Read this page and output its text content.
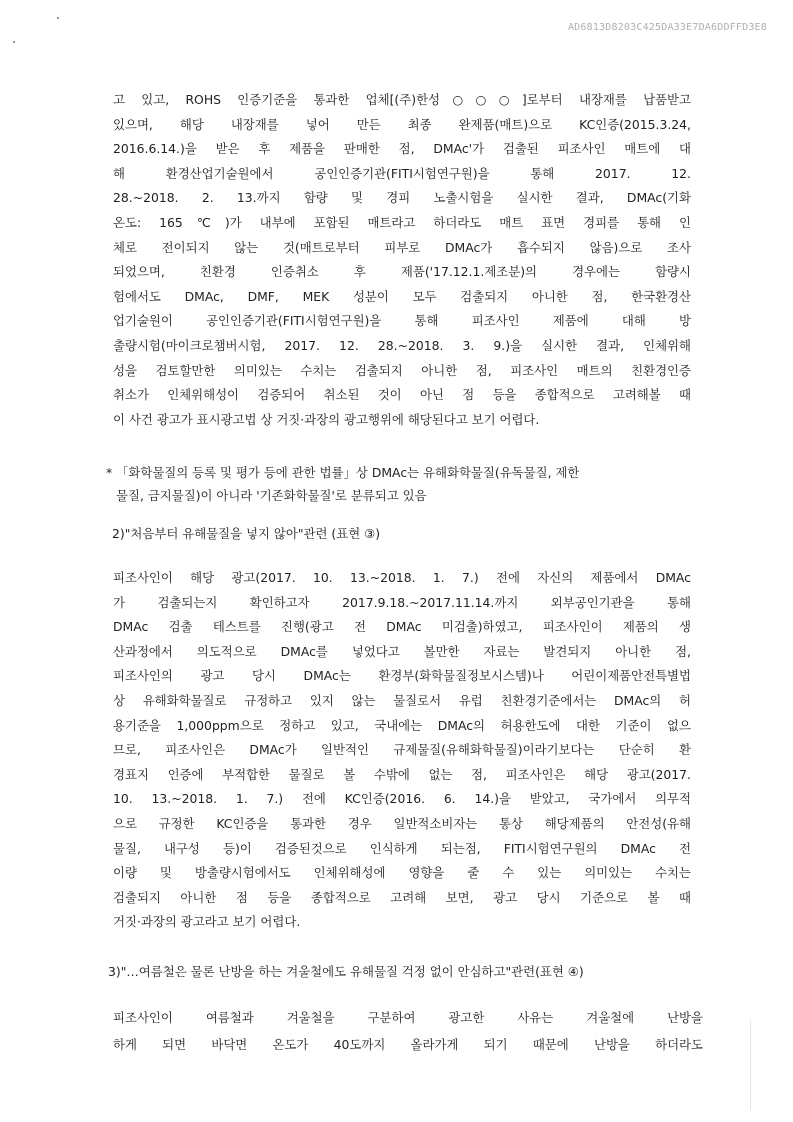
AD6813D8203C425DA33E7DA6DDFFD3E8
고 있고, ROHS 인증기준을 통과한 업체[(주)한성○○○]로부터 내장재를 납품받고
있으며, 해당 내장재를 넣어 만든 최종 완제품(매트)으로 KC인증(2015.3.24,
2016.6.14.)을 받은 후 제품을 판매한 점, DMAc'가 검출된 피조사인 매트에 대
해 환경산업기술원에서 공인인증기관(FITI시험연구원)을 통해 2017. 12.
28.~2018. 2. 13.까지 함량 및 경피 노출시험을 실시한 결과, DMAc(기화
온도: 165℃)가 내부에 포함된 매트라고 하더라도 매트 표면 경피를 통해 인
체로 전이되지 않는 것(매트로부터 피부로 DMAc가 흡수되지 않음)으로 조사
되었으며, 친환경 인증취소 후 제품('17.12.1.제조분)의 경우에는 함량시
험에서도 DMAc, DMF, MEK 성분이 모두 검출되지 아니한 점, 한국환경산
업기술원이 공인인증기관(FITI시험연구원)을 통해 피조사인 제품에 대해 방
출량시험(마이크로챔버시험, 2017. 12. 28.~2018. 3. 9.)을 실시한 결과, 인체위해
성을 검토할만한 의미있는 수치는 검출되지 아니한 점, 피조사인 매트의 친환경인증
취소가 인체위해성이 검증되어 취소된 것이 아닌 점 등을 종합적으로 고려해볼 때
이 사건 광고가 표시광고법 상 거짓·과장의 광고행위에 해당된다고 보기 어렵다.
* 「화학물질의 등록 및 평가 등에 관한 법률」상 DMAc는 유해화학물질(유독물질, 제한
물질, 금지물질)이 아니라 '기존화학물질'로 분류되고 있음
2)"처음부터 유해물질을 넣지 않아"관련 (표현 ③)
피조사인이 해당 광고(2017. 10. 13.~2018. 1. 7.) 전에 자신의 제품에서 DMAc
가 검출되는지 확인하고자 2017.9.18.~2017.11.14.까지 외부공인기관을 통해
DMAc 검출 테스트를 진행(광고 전 DMAc 미검출)하였고, 피조사인이 제품의 생
산과정에서 의도적으로 DMAc를 넣었다고 볼만한 자료는 발견되지 아니한 점,
피조사인의 광고 당시 DMAc는 환경부(화학물질정보시스템)나 어린이제품안전특별법
상 유해화학물질로 규정하고 있지 않는 물질로서 유럽 친환경기준에서는 DMAc의 허
용기준을 1,000ppm으로 정하고 있고, 국내에는 DMAc의 허용한도에 대한 기준이 없으
므로, 피조사인은 DMAc가 일반적인 규제물질(유해화학물질)이라기보다는 단순히 환
경표지 인증에 부적합한 물질로 볼 수밖에 없는 점, 피조사인은 해당 광고(2017.
10. 13.~2018. 1. 7.) 전에 KC인증(2016. 6. 14.)을 받았고, 국가에서 의무적
으로 규정한 KC인증을 통과한 경우 일반적소비자는 통상 해당제품의 안전성(유해
물질, 내구성 등)이 검증된것으로 인식하게 되는점, FITI시험연구원의 DMAc 전
이량 및 방출량시험에서도 인체위해성에 영향을 줄 수 있는 의미있는 수치는
검출되지 아니한 점 등을 종합적으로 고려해 보면, 광고 당시 기준으로 볼 때
거짓·과장의 광고라고 보기 어렵다.
3)"…여름철은 물론 난방을 하는 겨울철에도 유해물질 걱정 없이 안심하고"관련(표현 ④)
피조사인이 여름철과 겨울철을 구분하여 광고한 사유는 겨울철에 난방을
하게 되면 바닥면 온도가 40도까지 올라가게 되기 때문에 난방을 하더라도
